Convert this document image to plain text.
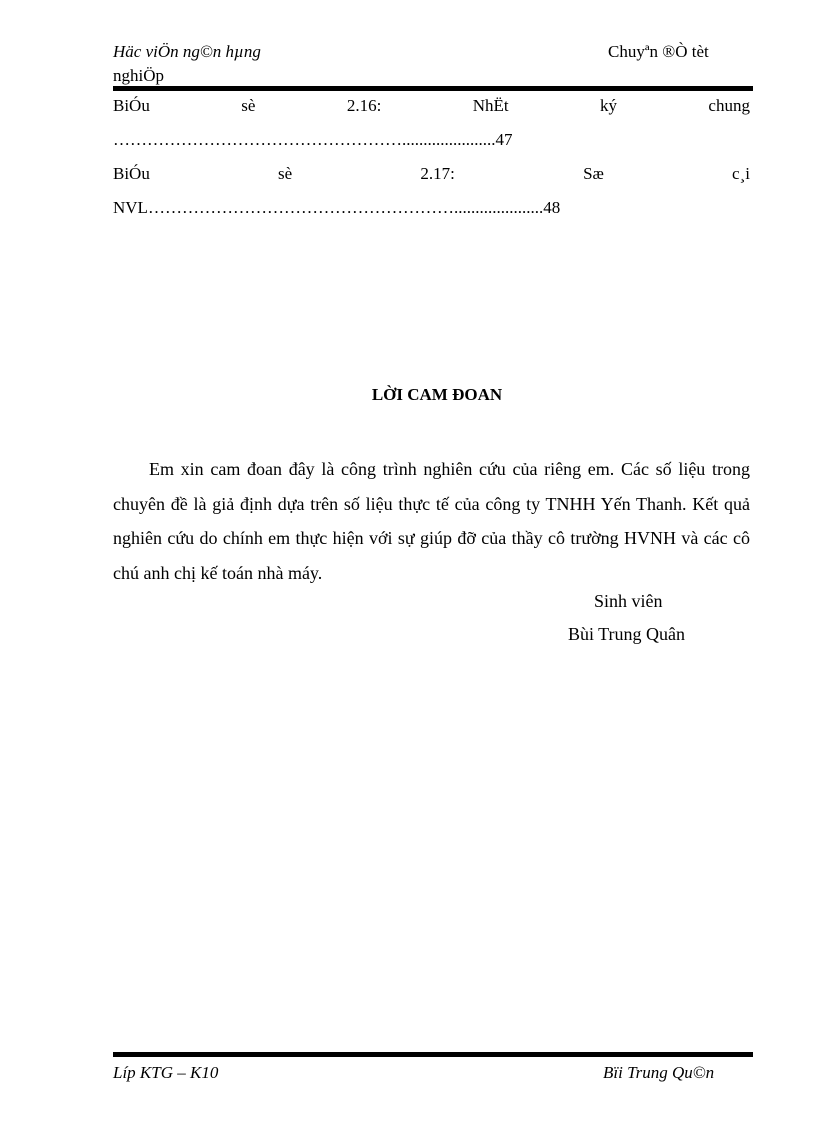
Häc viÖn ng©n hµng
nghiÖp
Chuyªn ®Ò tèt
BiÓu	sè	2.16:	NhËt	ký	chung
……………………………………………......................47
BiÓu	sè	2.17:	Sæ	c¸i
NVL……………………………………………….....................48
LỜI CAM ĐOAN
Em xin cam đoan đây là công trình nghiên cứu của riêng em. Các số liệu trong chuyên đề là giả định dựa trên số liệu thực tế của công ty TNHH Yến Thanh. Kết quả nghiên cứu do chính em thực hiện với sự giúp đỡ của thầy cô trường HVNH và các cô chú anh chị kế toán nhà máy.
Sinh viên
Bùi Trung Quân
Líp KTG – K10	Bïi Trung Qu©n
